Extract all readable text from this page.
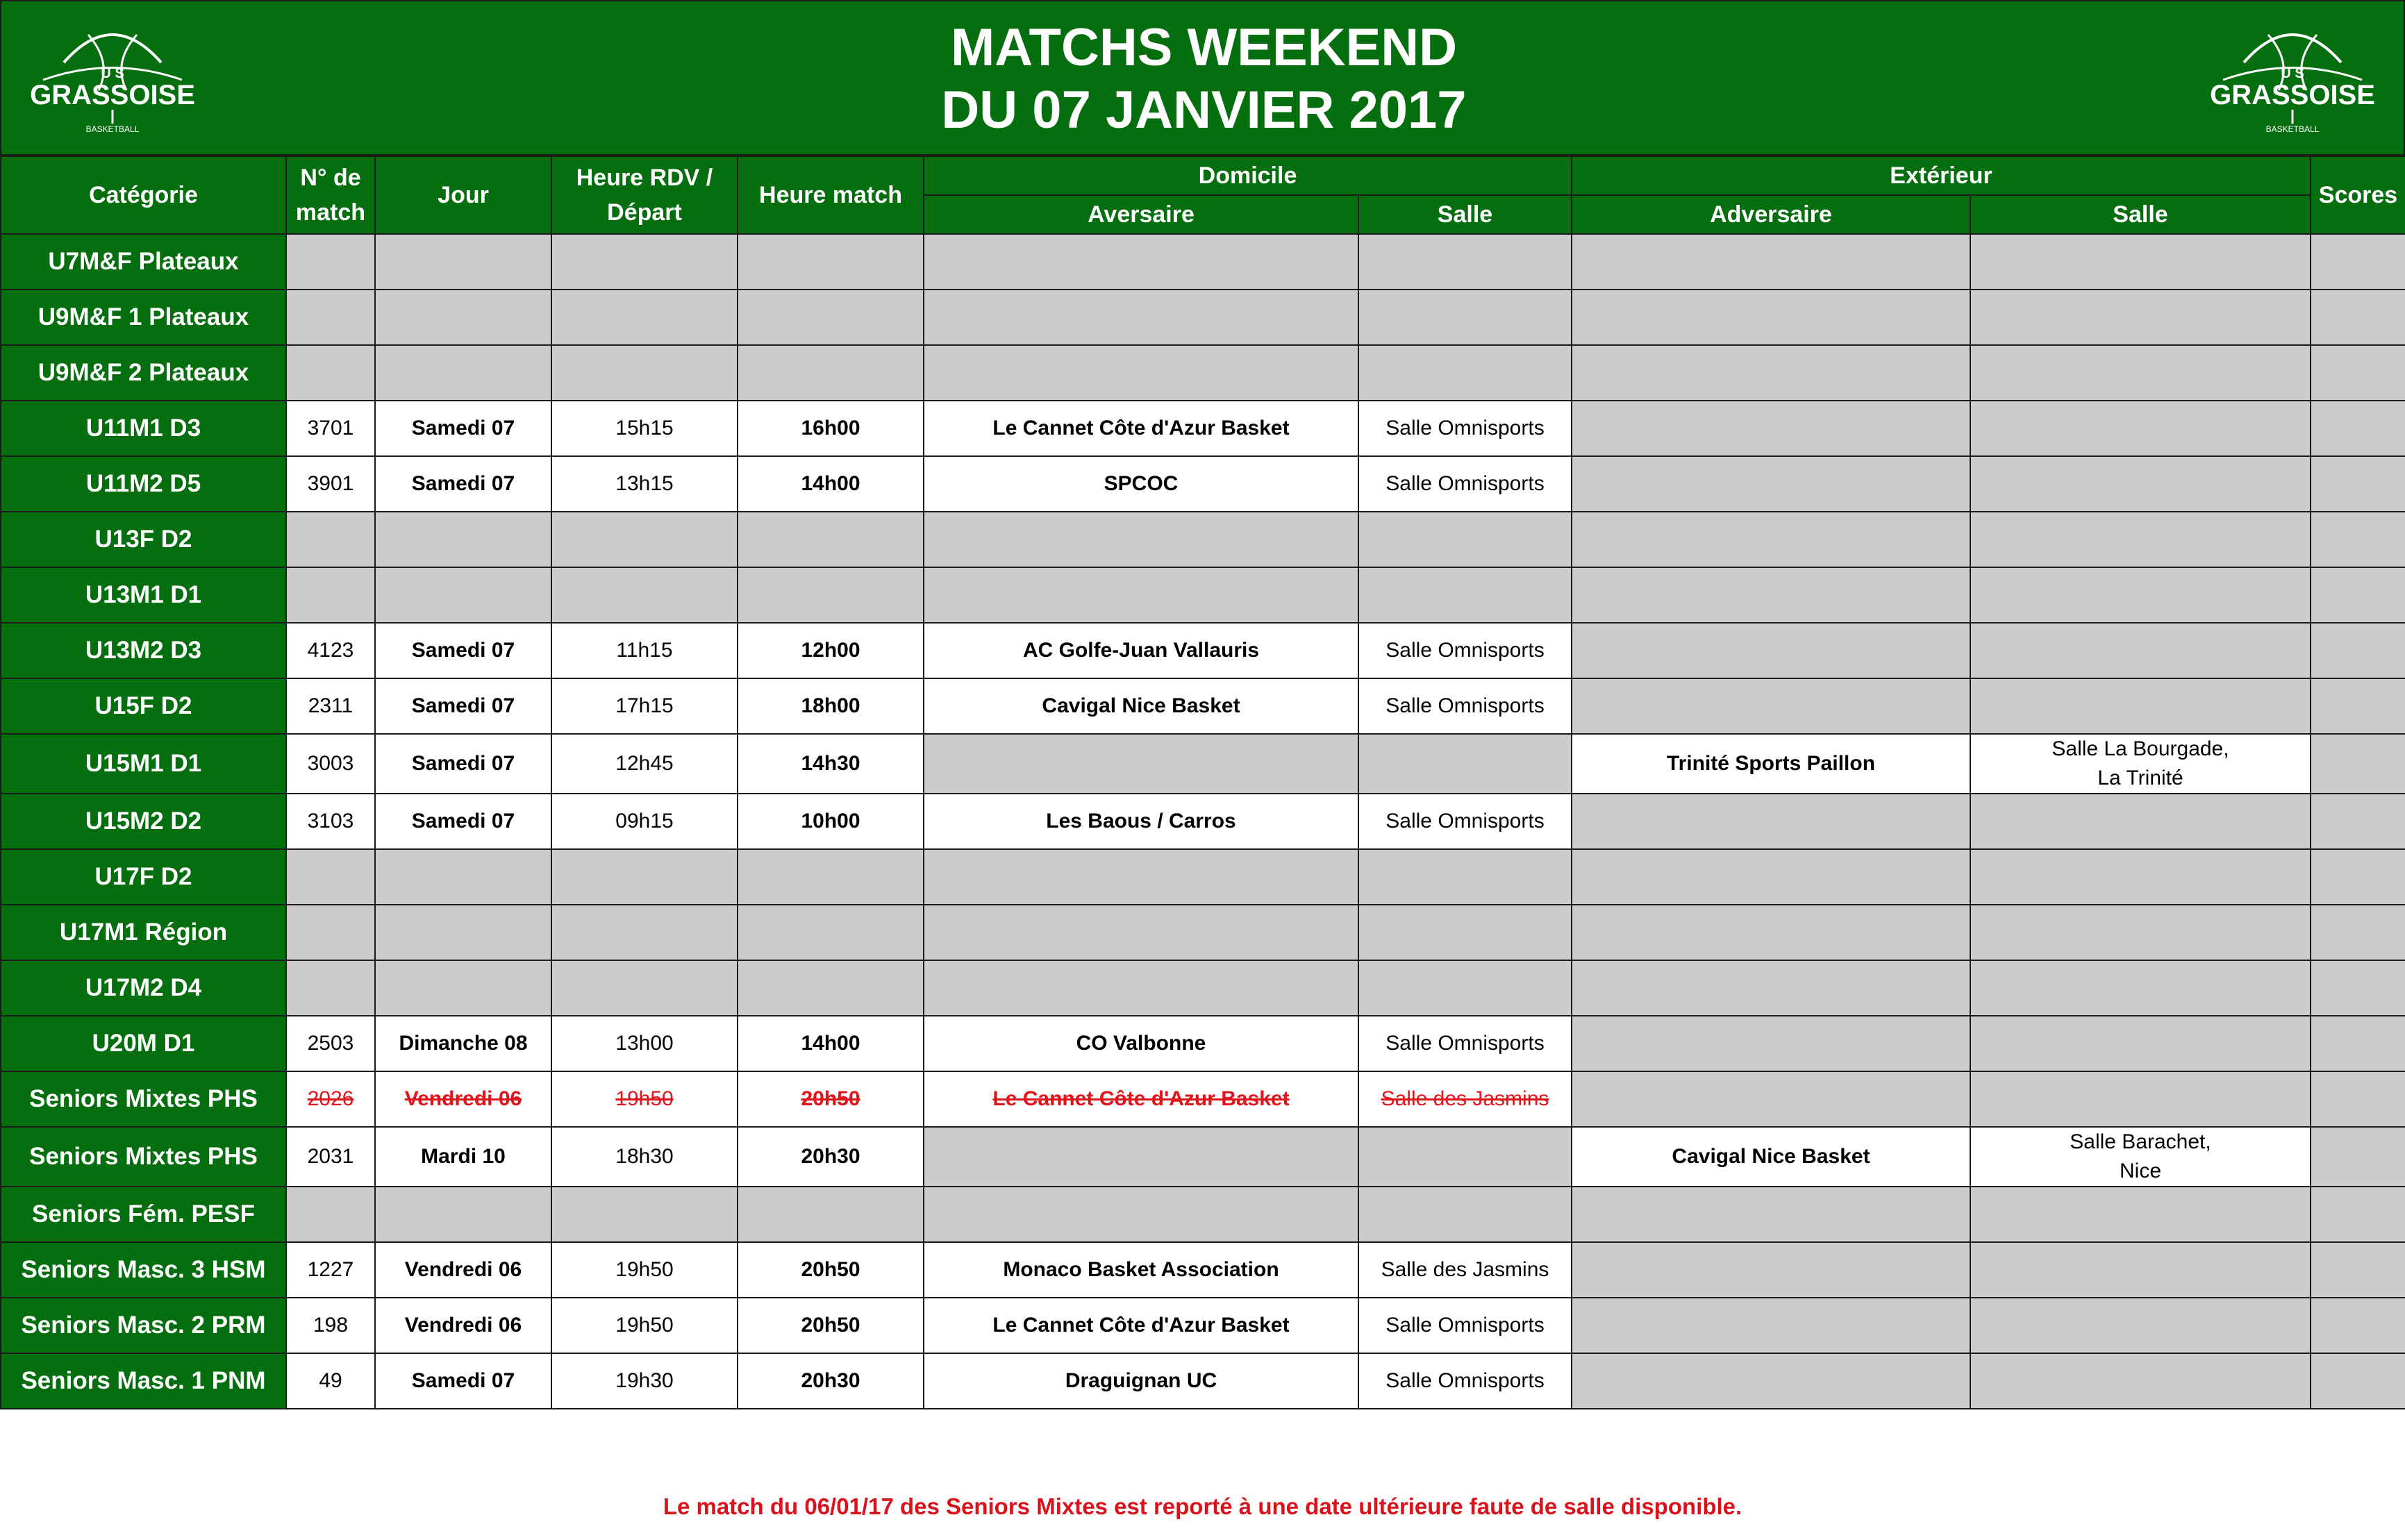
U S
GRASSOISE
BASKETBALL
MATCHS WEEKEND
DU 07 JANVIER 2017
U S
GRASSOISE
BASKETBALL
Catégorie	N° de match	Jour	Heure RDV / Départ	Heure match	Domicile		Extérieur		Scores
					Aversaire	Salle	Adversaire	Salle	
U7M&F Plateaux									
U9M&F 1 Plateaux									
U9M&F 2 Plateaux									
U11M1 D3	3701	Samedi 07	15h15	16h00	Le Cannet Côte d'Azur Basket	Salle Omnisports			
U11M2 D5	3901	Samedi 07	13h15	14h00	SPCOC	Salle Omnisports			
U13F D2									
U13M1 D1									
U13M2 D3	4123	Samedi 07	11h15	12h00	AC Golfe-Juan Vallauris	Salle Omnisports			
U15F D2	2311	Samedi 07	17h15	18h00	Cavigal Nice Basket	Salle Omnisports			
U15M1 D1	3003	Samedi 07	12h45	14h30			Trinité Sports Paillon	Salle La Bourgade,
La Trinité	
U15M2 D2	3103	Samedi 07	09h15	10h00	Les Baous / Carros	Salle Omnisports			
U17F D2									
U17M1 Région									
U17M2 D4									
U20M D1	2503	Dimanche 08	13h00	14h00	CO Valbonne	Salle Omnisports			
Seniors Mixtes PHS	2026	Vendredi 06	19h50	20h50	Le Cannet Côte d'Azur Basket	Salle des Jasmins			
Seniors Mixtes PHS	2031	Mardi 10	18h30	20h30			Cavigal Nice Basket	Salle Barachet,
Nice	
Seniors Fém. PESF									
Seniors Masc. 3 HSM	1227	Vendredi 06	19h50	20h50	Monaco Basket Association	Salle des Jasmins			
Seniors Masc. 2 PRM	198	Vendredi 06	19h50	20h50	Le Cannet Côte d'Azur Basket	Salle Omnisports			
Seniors Masc. 1 PNM	49	Samedi 07	19h30	20h30	Draguignan UC	Salle Omnisports			
Le match du 06/01/17 des Seniors Mixtes est reporté à une date ultérieure faute de salle disponible.
